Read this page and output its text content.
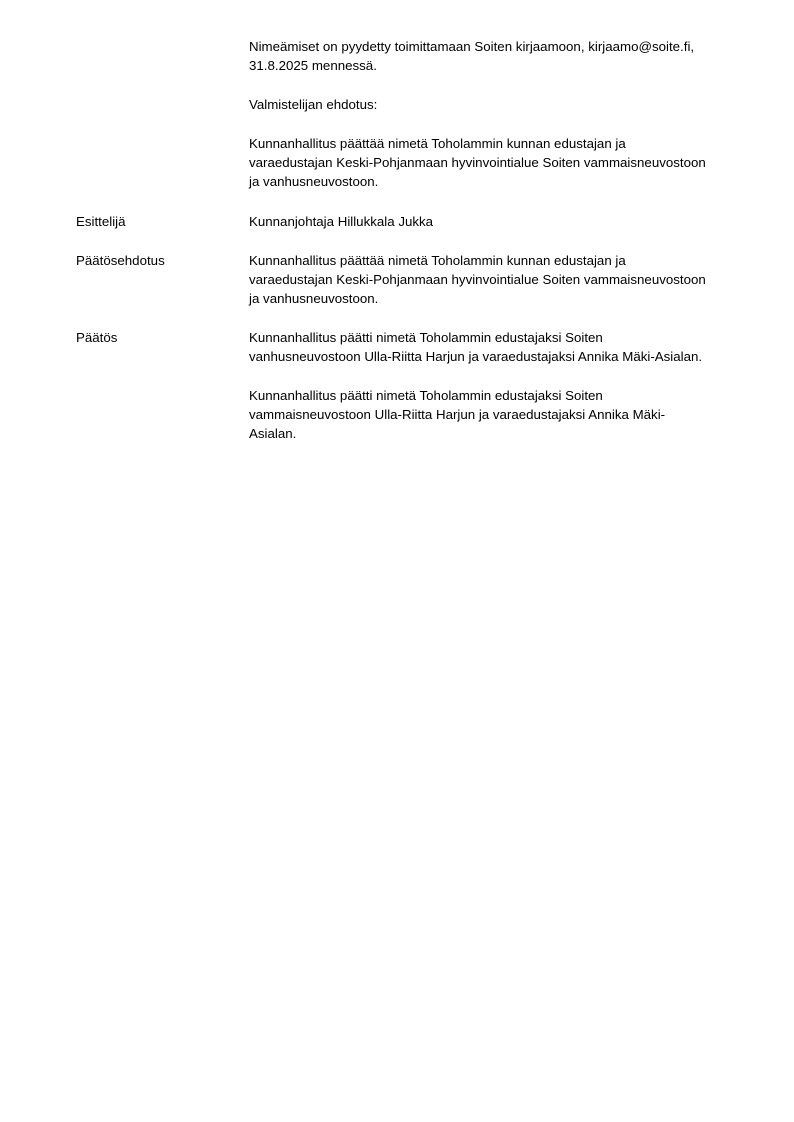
Nimeämiset on pyydetty toimittamaan Soiten kirjaamoon, kirjaamo@soite.fi,
31.8.2025 mennessä.
Valmistelijan ehdotus:
Kunnanhallitus päättää nimetä Toholammin kunnan edustajan ja
varaedustajan Keski-Pohjanmaan hyvinvointialue Soiten vammaisneuvostoon
ja vanhusneuvostoon.
Esittelijä	Kunnanjohtaja Hillukkala Jukka
Päätösehdotus	Kunnanhallitus päättää nimetä Toholammin kunnan edustajan ja
varaedustajan Keski-Pohjanmaan hyvinvointialue Soiten vammaisneuvostoon
ja vanhusneuvostoon.
Päätös	Kunnanhallitus päätti nimetä Toholammin edustajaksi Soiten
vanhusneuvostoon Ulla-Riitta Harjun ja varaedustajaksi Annika Mäki-Asialan.
Kunnanhallitus päätti nimetä Toholammin edustajaksi Soiten
vammaisneuvostoon Ulla-Riitta Harjun ja varaedustajaksi Annika Mäki-
Asialan.
